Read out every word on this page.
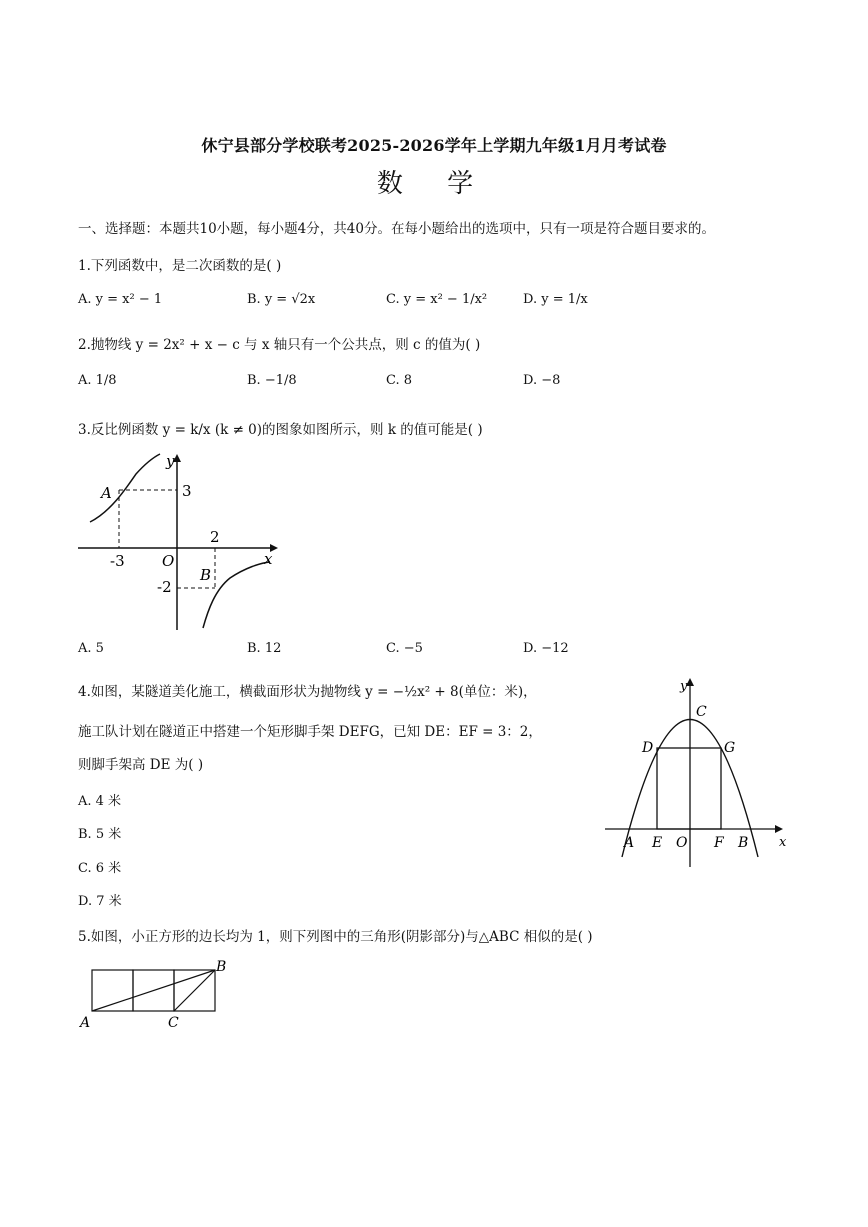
休宁县部分学校联考2025-2026学年上学期九年级1月月考试卷
数 学
一、选择题：本题共10小题，每小题4分，共40分。在每小题给出的选项中，只有一项是符合题目要求的。
1.下列函数中，是二次函数的是( )
A. y = x² − 1	B. y = √2x	C. y = x² − 1/x²	D. y = 1/x
2.抛物线 y = 2x² + x − c 与 x 轴只有一个公共点，则 c 的值为( )
A. 1/8	B. −1/8	C. 8	D. −8
3.反比例函数 y = k/x (k ≠ 0)的图象如图所示，则 k 的值可能是( )
A
B
O	x
y
-3
3
2
-2
A. 5	B. 12	C. −5	D. −12
4.如图，某隧道美化施工，横截面形状为抛物线 y = −½x² + 8(单位：米)，
施工队计划在隧道正中搭建一个矩形脚手架 DEFG，已知 DE：EF = 3：2，
则脚手架高 DE 为( )
A. 4 米
B. 5 米
C. 6 米
D. 7 米
y
x
C
D	G
A E O F B
5.如图，小正方形的边长均为 1，则下列图中的三角形(阴影部分)与△ABC 相似的是( )
A
B
C
